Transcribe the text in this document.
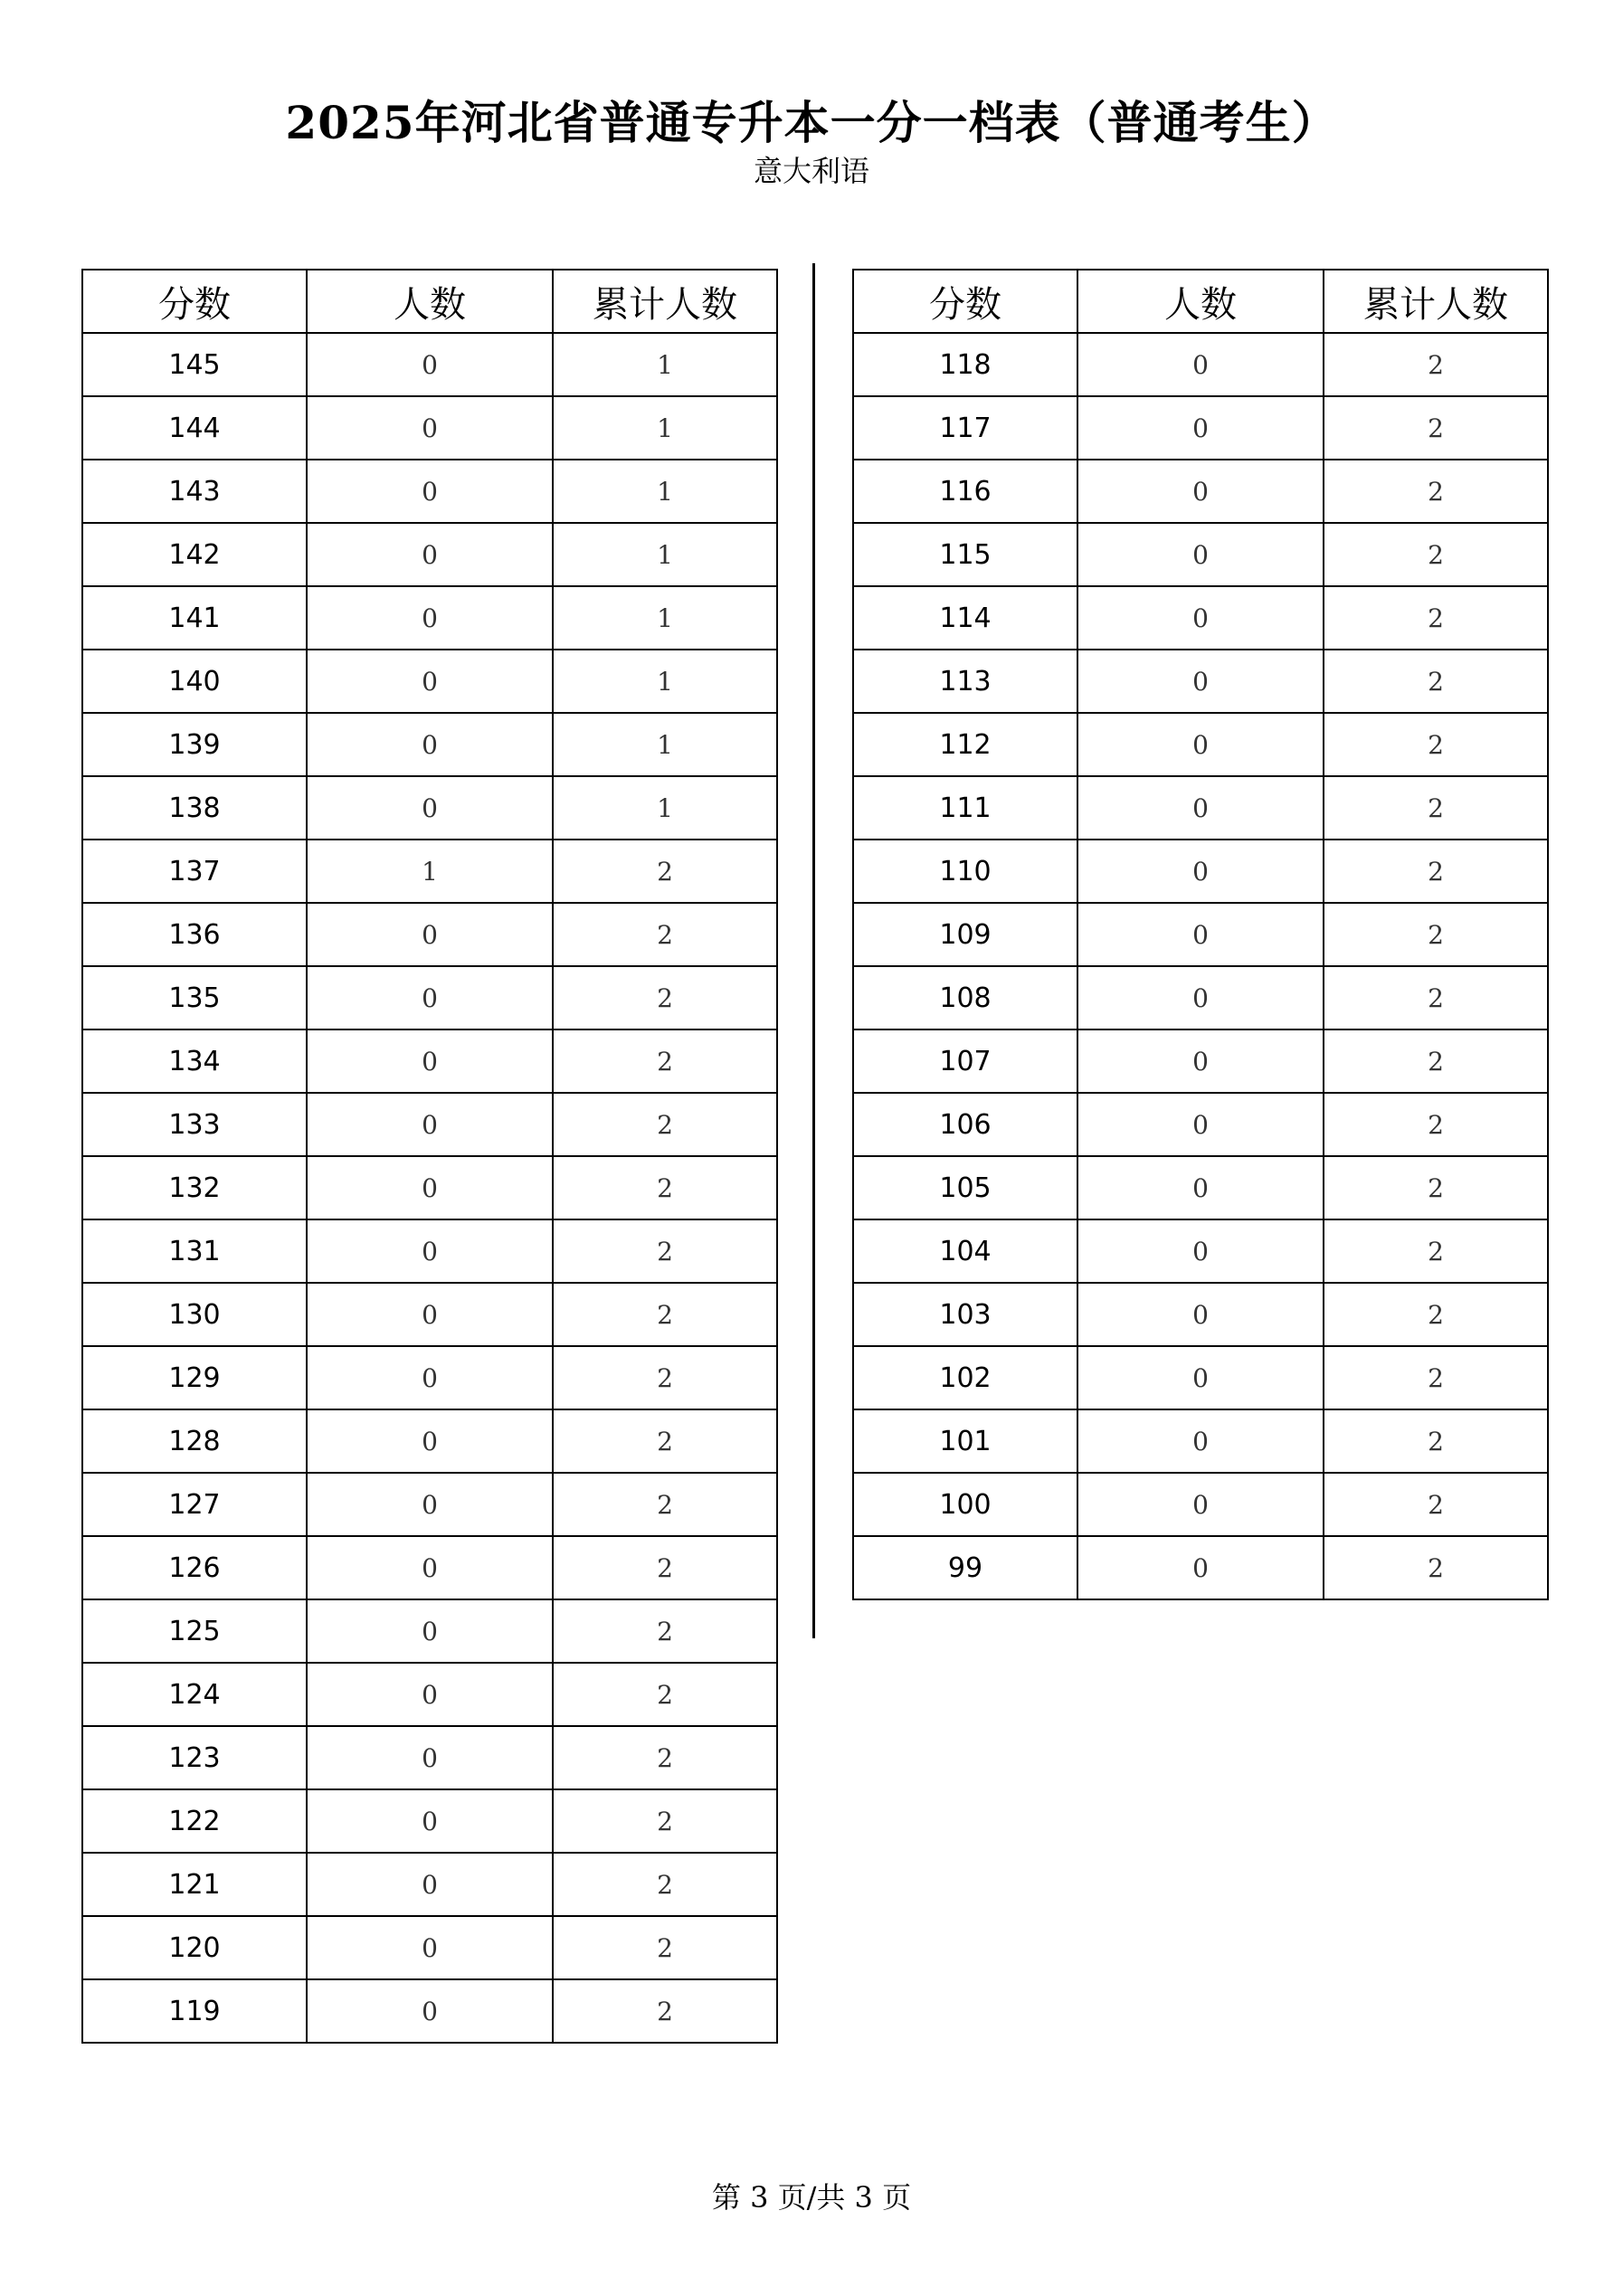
2025年河北省普通专升本一分一档表（普通考生）
意大利语
分数	人数	累计人数
145	0	1
144	0	1
143	0	1
142	0	1
141	0	1
140	0	1
139	0	1
138	0	1
137	1	2
136	0	2
135	0	2
134	0	2
133	0	2
132	0	2
131	0	2
130	0	2
129	0	2
128	0	2
127	0	2
126	0	2
125	0	2
124	0	2
123	0	2
122	0	2
121	0	2
120	0	2
119	0	2
分数	人数	累计人数
118	0	2
117	0	2
116	0	2
115	0	2
114	0	2
113	0	2
112	0	2
111	0	2
110	0	2
109	0	2
108	0	2
107	0	2
106	0	2
105	0	2
104	0	2
103	0	2
102	0	2
101	0	2
100	0	2
99	0	2
第 3 页/共 3 页
